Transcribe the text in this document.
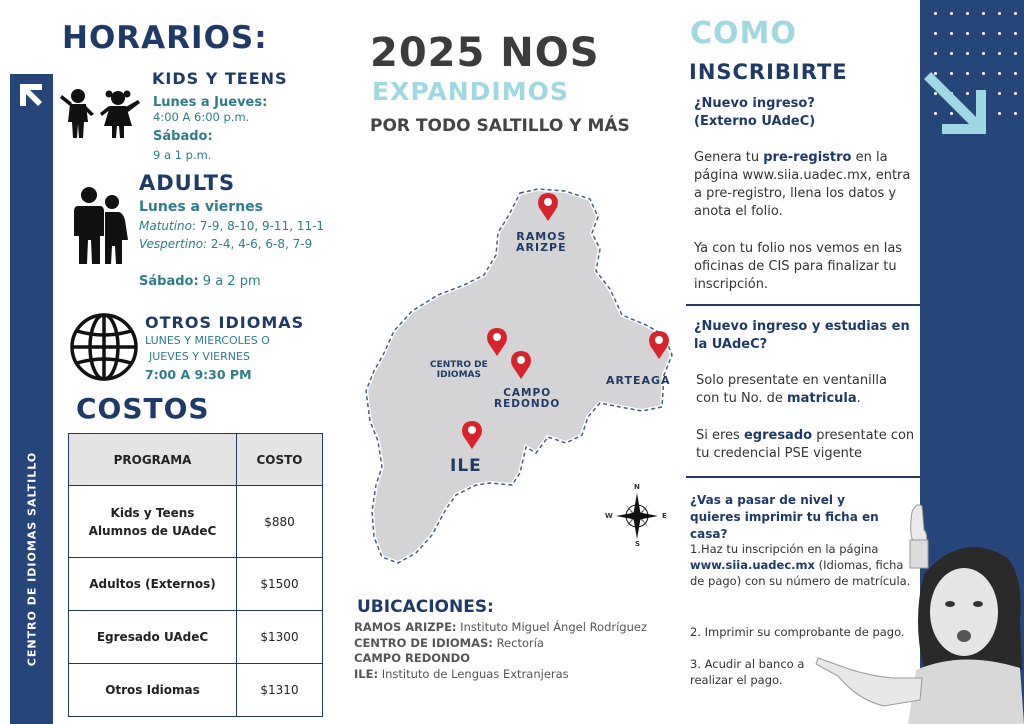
CENTRO DE IDIOMAS SALTILLO
HORARIOS:
KIDS Y TEENS
Lunes a Jueves:
4:00 A 6:00 p.m.
Sábado:
9 a 1 p.m.
ADULTS
Lunes a viernes
Matutino: 7-9, 8-10, 9-11, 11-1
Vespertino: 2-4, 4-6, 6-8, 7-9
Sábado: 9 a 2 pm
OTROS IDIOMAS
LUNES Y MIERCOLES O
JUEVES Y VIERNES
7:00 A 9:30 PM
COSTOS
PROGRAMA	COSTO

Kids y Teens
Alumnos de UAdeC	$880
Adultos (Externos)	$1500
Egresado UAdeC	$1300
Otros Idiomas	$1310
2025 NOS
EXPANDIMOS
POR TODO SALTILLO Y MÁS
RAMOS
ARIZPE
CENTRO DE
IDIOMAS
CAMPO
REDONDO
ARTEAGA
ILE
N
S
E
W
UBICACIONES:
RAMOS ARIZPE: Instituto Miguel Ángel Rodríguez
CENTRO DE IDIOMAS: Rectoría
CAMPO REDONDO
ILE: Instituto de Lenguas Extranjeras
COMO
INSCRIBIRTE
¿Nuevo ingreso?
(Externo UAdeC)
Genera tu pre-registro en la página www.siia.uadec.mx, entra a pre-registro, llena los datos y anota el folio.
Ya con tu folio nos vemos en las oficinas de CIS para finalizar tu inscripción.
¿Nuevo ingreso y estudias en la UAdeC?
Solo presentate en ventanilla con tu No. de matricula.
Si eres egresado presentate con tu credencial PSE vigente
¿Vas a pasar de nivel y quieres imprimir tu ficha en casa?
1.Haz tu inscripción en la página www.siia.uadec.mx (Idiomas, ficha de pago) con su número de matrícula.
2. Imprimir su comprobante de pago.
3. Acudir al banco a realizar el pago.
